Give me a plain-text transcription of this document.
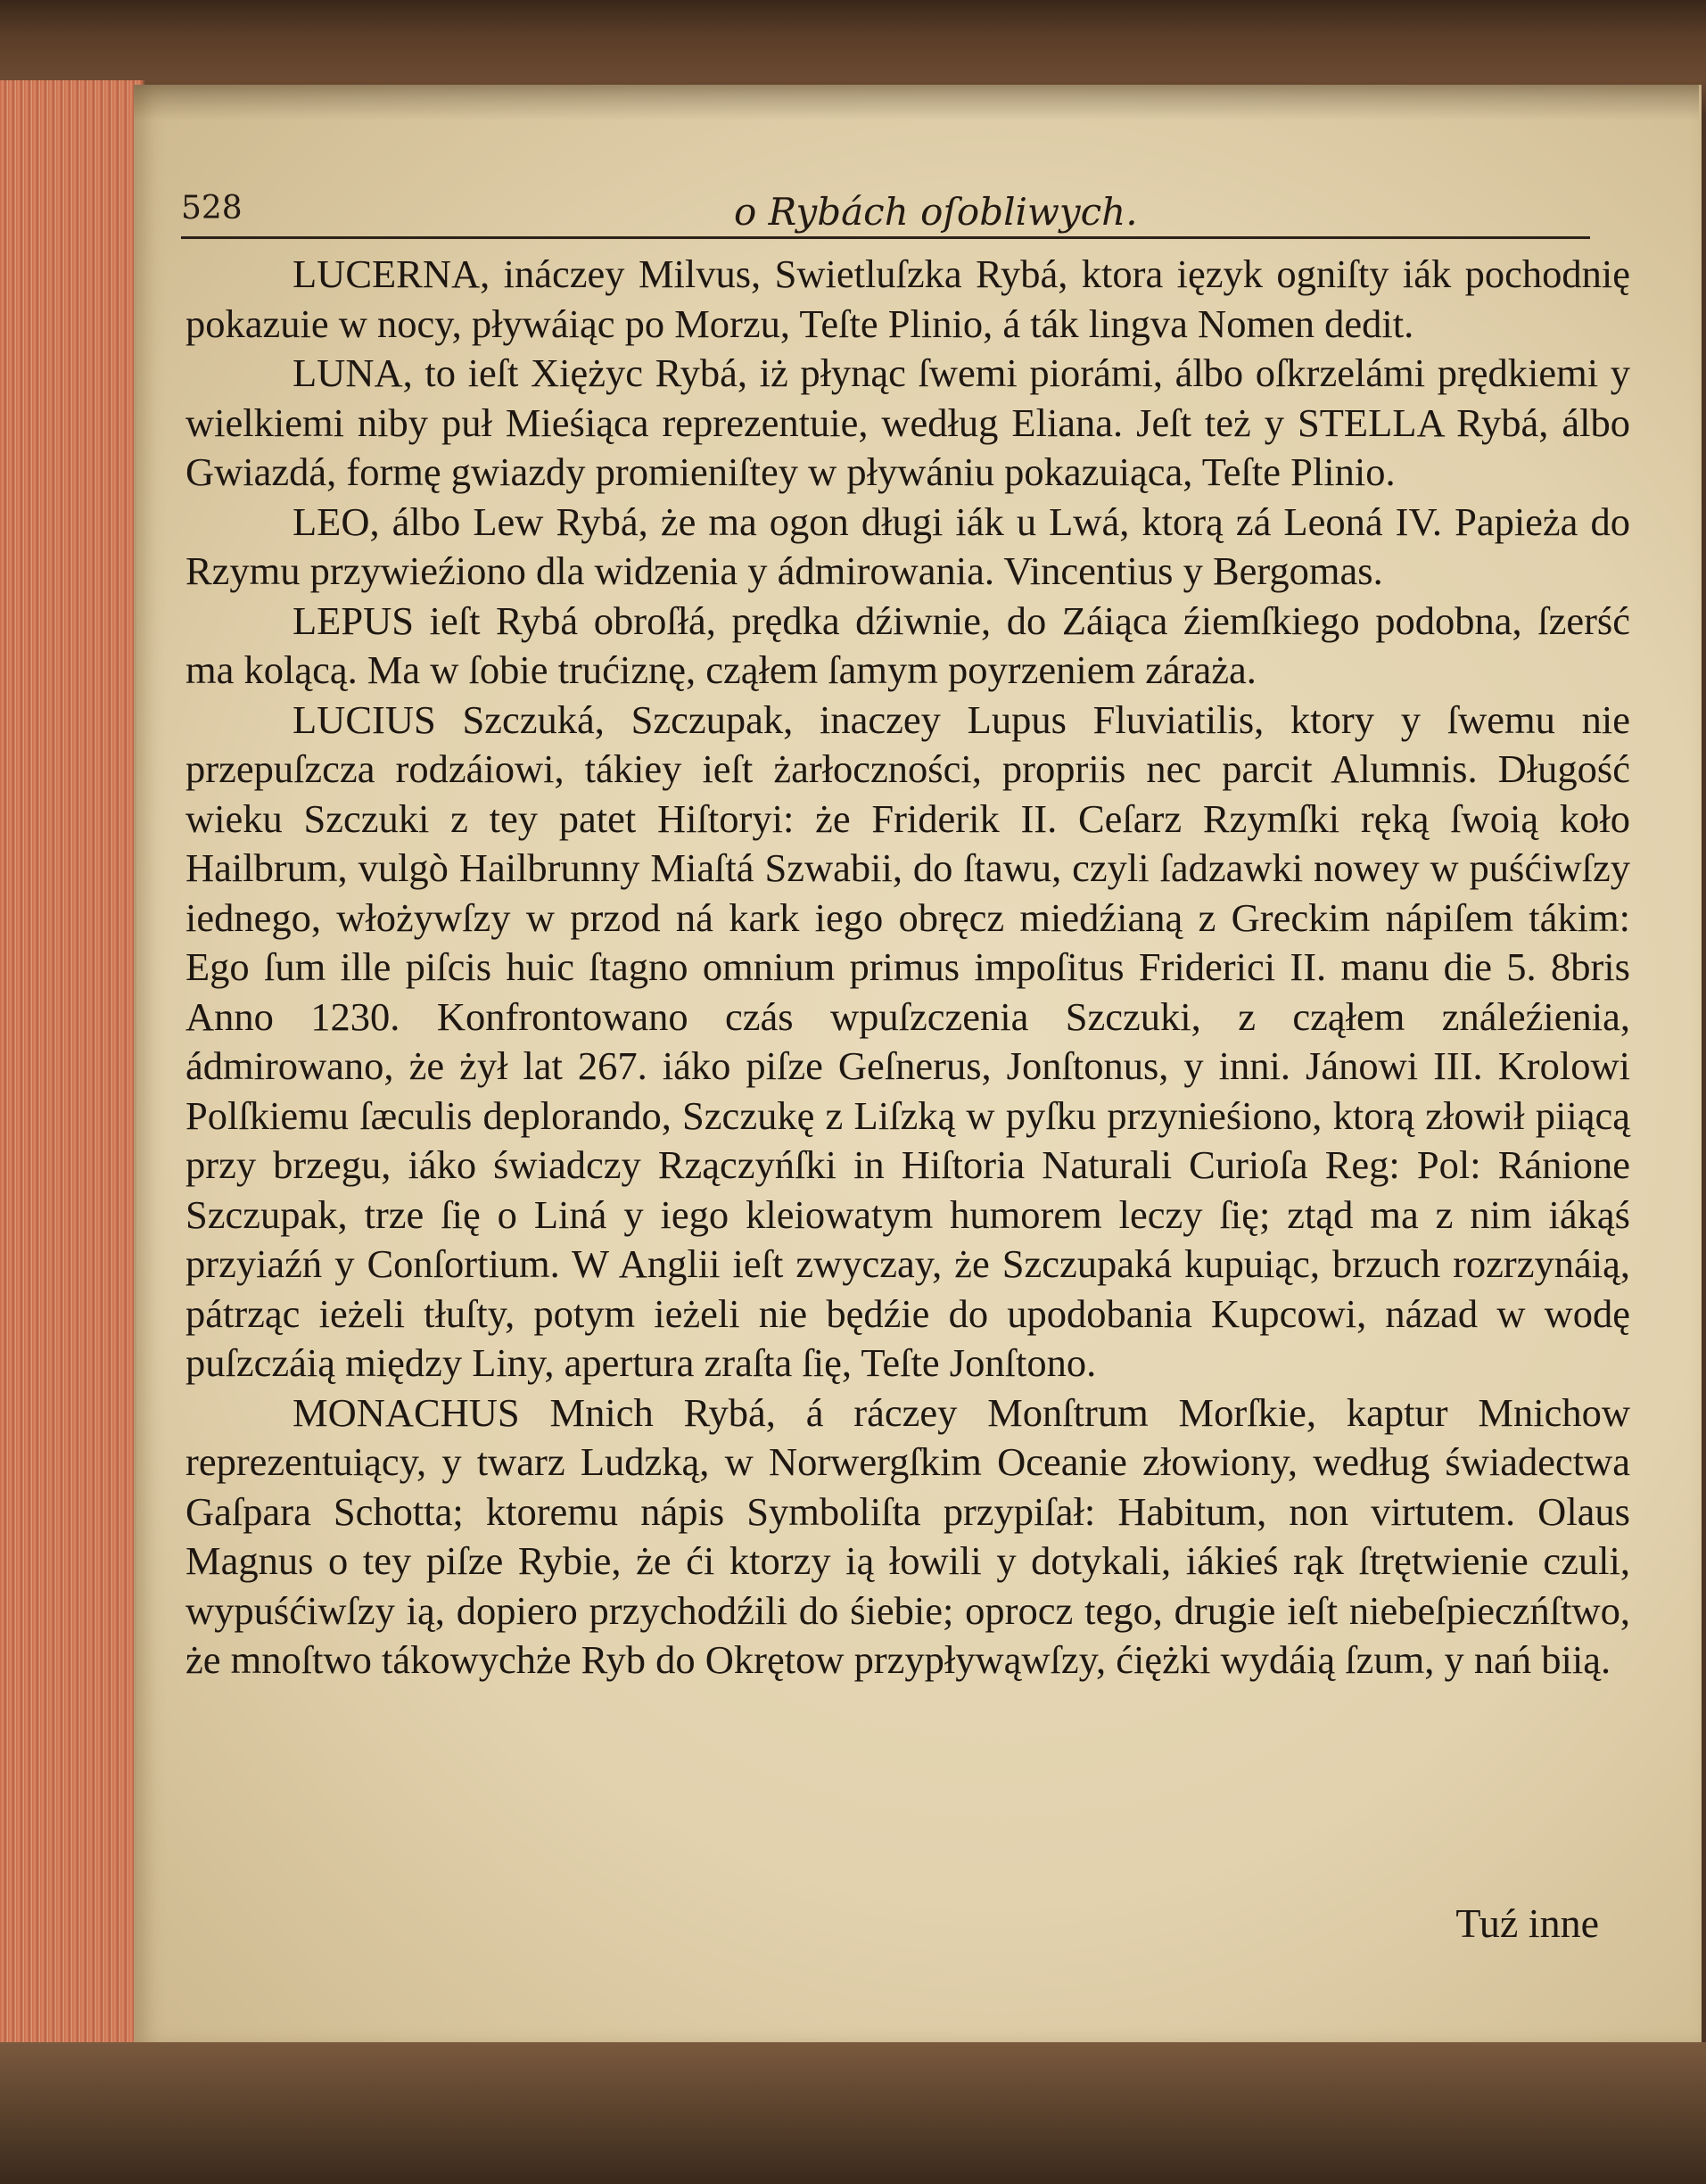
528	o Rybách oſobliwych.

LUCERNA, ináczey Milvus, Swietluſzka Rybá, ktora ięzyk ogniſty iák pochodnię pokazuie w nocy, pływáiąc po Morzu, Teſte Plinio, á ták lingva Nomen dedit.

LUNA, to ieſt Xiężyc Rybá, iż płynąc ſwemi piorámi, álbo oſkrzelámi prędkiemi y wielkiemi niby puł Mieśiąca reprezentuie, według Eliana. Jeſt też y STELLA Rybá, álbo Gwiazdá, formę gwiazdy promieniſtey w pływániu pokazuiąca, Teſte Plinio.

LEO, álbo Lew Rybá, że ma ogon długi iák u Lwá, ktorą zá Leoná IV. Papieża do Rzymu przywieźiono dla widzenia y ádmirowania. Vincentius y Bergomas.

LEPUS ieſt Rybá obroſłá, prędka dźiwnie, do Záiąca źiemſkiego podobna, ſzerść ma kolącą. Ma w ſobie trućiznę, cząłem ſamym poyrzeniem záraża.

LUCIUS Szczuká, Szczupak, inaczey Lupus Fluviatilis, ktory y ſwemu nie przepuſzcza rodzáiowi, tákiey ieſt żarłoczności, propriis nec parcit Alumnis. Długość wieku Szczuki z tey patet Hiſtoryi: że Friderik II. Ceſarz Rzymſki ręką ſwoią koło Hailbrum, vulgò Hailbrunny Miaſtá Szwabii, do ſtawu, czyli ſadzawki nowey w puśćiwſzy iednego, włożywſzy w przod ná kark iego obręcz miedźianą z Greckim nápiſem tákim: Ego ſum ille piſcis huic ſtagno omnium primus impoſitus Friderici II. manu die 5. 8bris Anno 1230. Konfrontowano czás wpuſzczenia Szczuki, z cząłem ználeźienia, ádmirowano, że żył lat 267. iáko piſze Geſnerus, Jonſtonus, y inni. Jánowi III. Krolowi Polſkiemu ſæculis deplorando, Szczukę z Liſzką w pyſku przynieśiono, ktorą złowił piiącą przy brzegu, iáko świadczy Rzączyńſki in Hiſtoria Naturali Curioſa Reg: Pol: Ránione Szczupak, trze ſię o Liná y iego kleiowatym humorem leczy ſię; ztąd ma z nim iákąś przyiaźń y Conſortium. W Anglii ieſt zwyczay, że Szczupaká kupuiąc, brzuch rozrzynáią, pátrząc ieżeli tłuſty, potym ieżeli nie będźie do upodobania Kupcowi, názad w wodę puſzczáią między Liny, apertura zraſta ſię, Teſte Jonſtono.

MONACHUS Mnich Rybá, á ráczey Monſtrum Morſkie, kaptur Mnichow reprezentuiący, y twarz Ludzką, w Norwergſkim Oceanie złowiony, według świadectwa Gaſpara Schotta; ktoremu nápis Symboliſta przypiſał: Habitum, non virtutem. Olaus Magnus o tey piſze Rybie, że ći ktorzy ią łowili y dotykali, iákieś rąk ſtrętwienie czuli, wypuśćiwſzy ią, dopiero przychodźili do śiebie; oprocz tego, drugie ieſt niebeſpieczńſtwo, że mnoſtwo tákowychże Ryb do Okrętow przypływąwſzy, ćiężki wydáią ſzum, y nań biią.

Tuź inne
